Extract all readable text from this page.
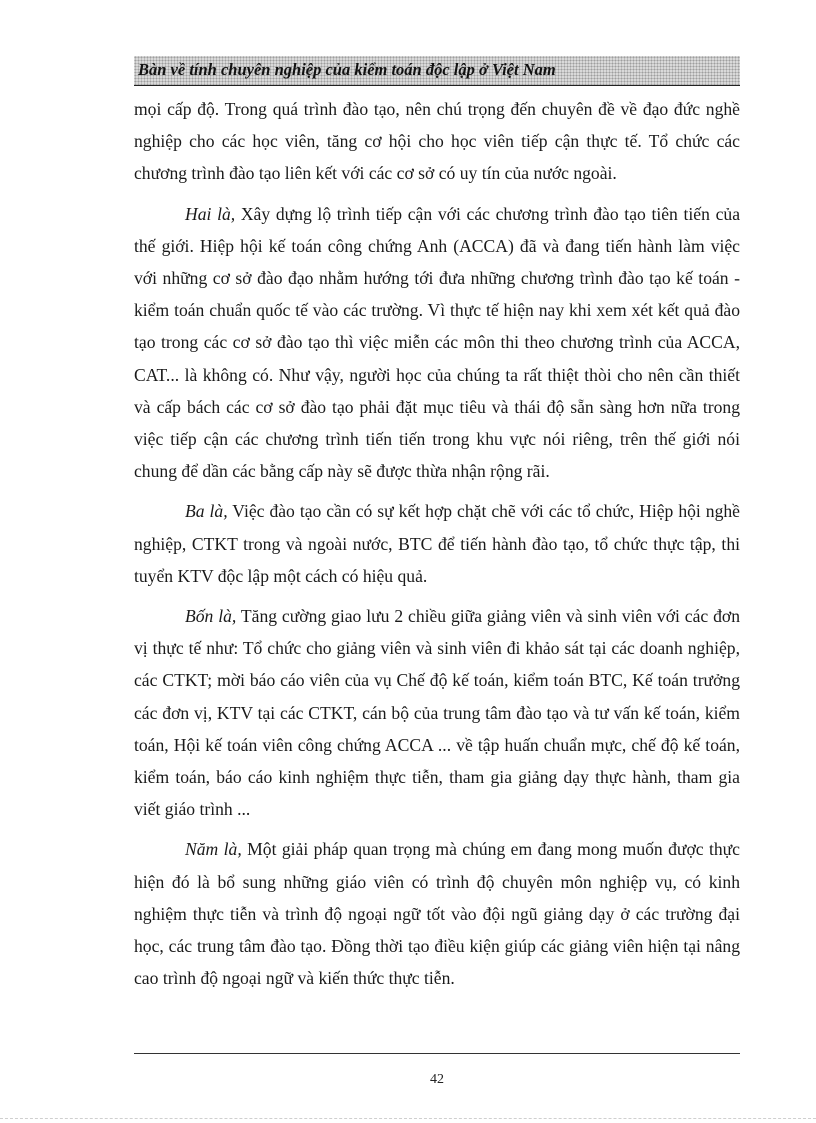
Bàn về tính chuyên nghiệp của kiểm toán độc lập ở Việt Nam

mọi cấp độ. Trong quá trình đào tạo, nên chú trọng đến chuyên đề về đạo đức nghề nghiệp cho các học viên, tăng cơ hội cho học viên tiếp cận thực tế. Tổ chức các chương trình đào tạo liên kết với các cơ sở có uy tín của nước ngoài.

Hai là, Xây dựng lộ trình tiếp cận với các chương trình đào tạo tiên tiến của thế giới. Hiệp hội kế toán công chứng Anh (ACCA) đã và đang tiến hành làm việc với những cơ sở đào đạo nhằm hướng tới đưa những chương trình đào tạo kế toán - kiểm toán chuẩn quốc tế vào các trường. Vì thực tế hiện nay khi xem xét kết quả đào tạo trong các cơ sở đào tạo thì việc miễn các môn thi theo chương trình của ACCA, CAT... là không có. Như vậy, người học của chúng ta rất thiệt thòi cho nên cần thiết và cấp bách các cơ sở đào tạo phải đặt mục tiêu và thái độ sẵn sàng hơn nữa trong việc tiếp cận các chương trình tiến tiến trong khu vực nói riêng, trên thế giới nói chung để dần các bằng cấp này sẽ được thừa nhận rộng rãi.

Ba là, Việc đào tạo cần có sự kết hợp chặt chẽ với các tổ chức, Hiệp hội nghề nghiệp, CTKT trong và ngoài nước, BTC để tiến hành đào tạo, tổ chức thực tập, thi tuyển KTV độc lập một cách có hiệu quả.

Bốn là, Tăng cường giao lưu 2 chiều giữa giảng viên và sinh viên với các đơn vị thực tế như: Tổ chức cho giảng viên và sinh viên đi khảo sát tại các doanh nghiệp, các CTKT; mời báo cáo viên của vụ Chế độ kế toán, kiểm toán BTC, Kế toán trưởng các đơn vị, KTV tại các CTKT, cán bộ của trung tâm đào tạo và tư vấn kế toán, kiểm toán, Hội kế toán viên công chứng ACCA ... về tập huấn chuẩn mực, chế độ kế toán, kiểm toán, báo cáo kinh nghiệm thực tiễn, tham gia giảng dạy thực hành, tham gia viết giáo trình ...

Năm là, Một giải pháp quan trọng mà chúng em đang mong muốn được thực hiện đó là bổ sung những giáo viên có trình độ chuyên môn nghiệp vụ, có kinh nghiệm thực tiễn và trình độ ngoại ngữ tốt vào đội ngũ giảng dạy ở các trường đại học, các trung tâm đào tạo. Đồng thời tạo điều kiện giúp các giảng viên hiện tại nâng cao trình độ ngoại ngữ và kiến thức thực tiễn.

42
